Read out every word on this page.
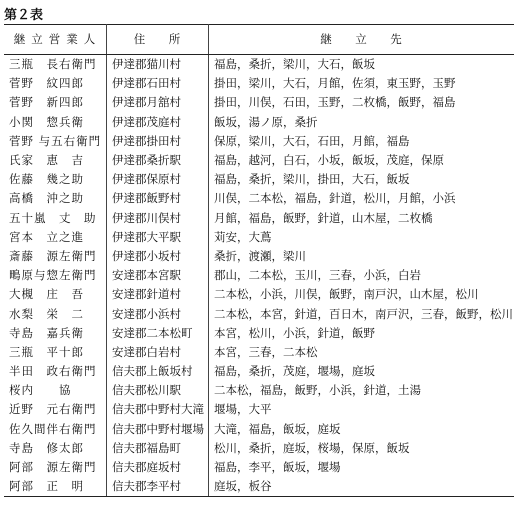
第２表
継立営業人	住　所	継　立　先
三瓶　長右衛門	伊達郡猫川村	福島，桑折，梁川，大石，飯坂
菅野　紋四郎	伊達郡石田村	掛田，梁川，大石，月館，佐須，東玉野，玉野
菅野　新四郎	伊達郡月舘村	掛田，川俣，石田，玉野，二枚橋，飯野，福島
小関　惣兵衛	伊達郡茂庭村	飯坂，湯ノ原，桑折
菅野 与五右衛門	伊達郡掛田村	保原，梁川，大石，石田，月館，福島
氏家　恵　吉	伊達郡桑折駅	福島，越河，白石，小坂，飯坂，茂庭，保原
佐藤　幾之助	伊達郡保原村	福島，桑折，梁川，掛田，大石，飯坂
高橋　沖之助	伊達郡飯野村	川俣，二本松，福島，針道，松川，月館，小浜
五十嵐　丈　助	伊達郡川俣村	月館，福島，飯野，針道，山木屋，二枚橋
宮本　立之進	伊達郡大平駅	苅安，大蔦
斎藤　源左衛門	伊達郡小坂村	桑折，渡瀬，梁川
鴫原与惣左衛門	安達郡本宮駅	郡山，二本松，玉川，三春，小浜，白岩
大槻　庄　吾	安達郡針道村	二本松，小浜，川俣，飯野，南戸沢，山木屋，松川
水梨　栄　二	安達郡小浜村	二本松，本宮，針道，百日木，南戸沢，三春，飯野，松川
寺島　嘉兵衛	安達郡二本松町	本宮，松川，小浜，針道，飯野
三瓶　平十郎	安達郡白岩村	本宮，三春，二本松
半田　政右衛門	信夫郡上飯坂村	福島，桑折，茂庭，堰場，庭坂
桜内　　協	信夫郡松川駅	二本松，福島，飯野，小浜，針道，土湯
近野　元右衛門	信夫郡中野村大滝	堰場，大平
佐久間伴右衛門	信夫郡中野村堰場	大滝，福島，飯坂，庭坂
寺島　修太郎	信夫郡福島町	松川，桑折，庭坂，桜場，保原，飯坂
阿部　源左衛門	信夫郡庭坂村	福島，李平，飯坂，堰場
阿部　正　明	信夫郡李平村	庭坂，板谷
